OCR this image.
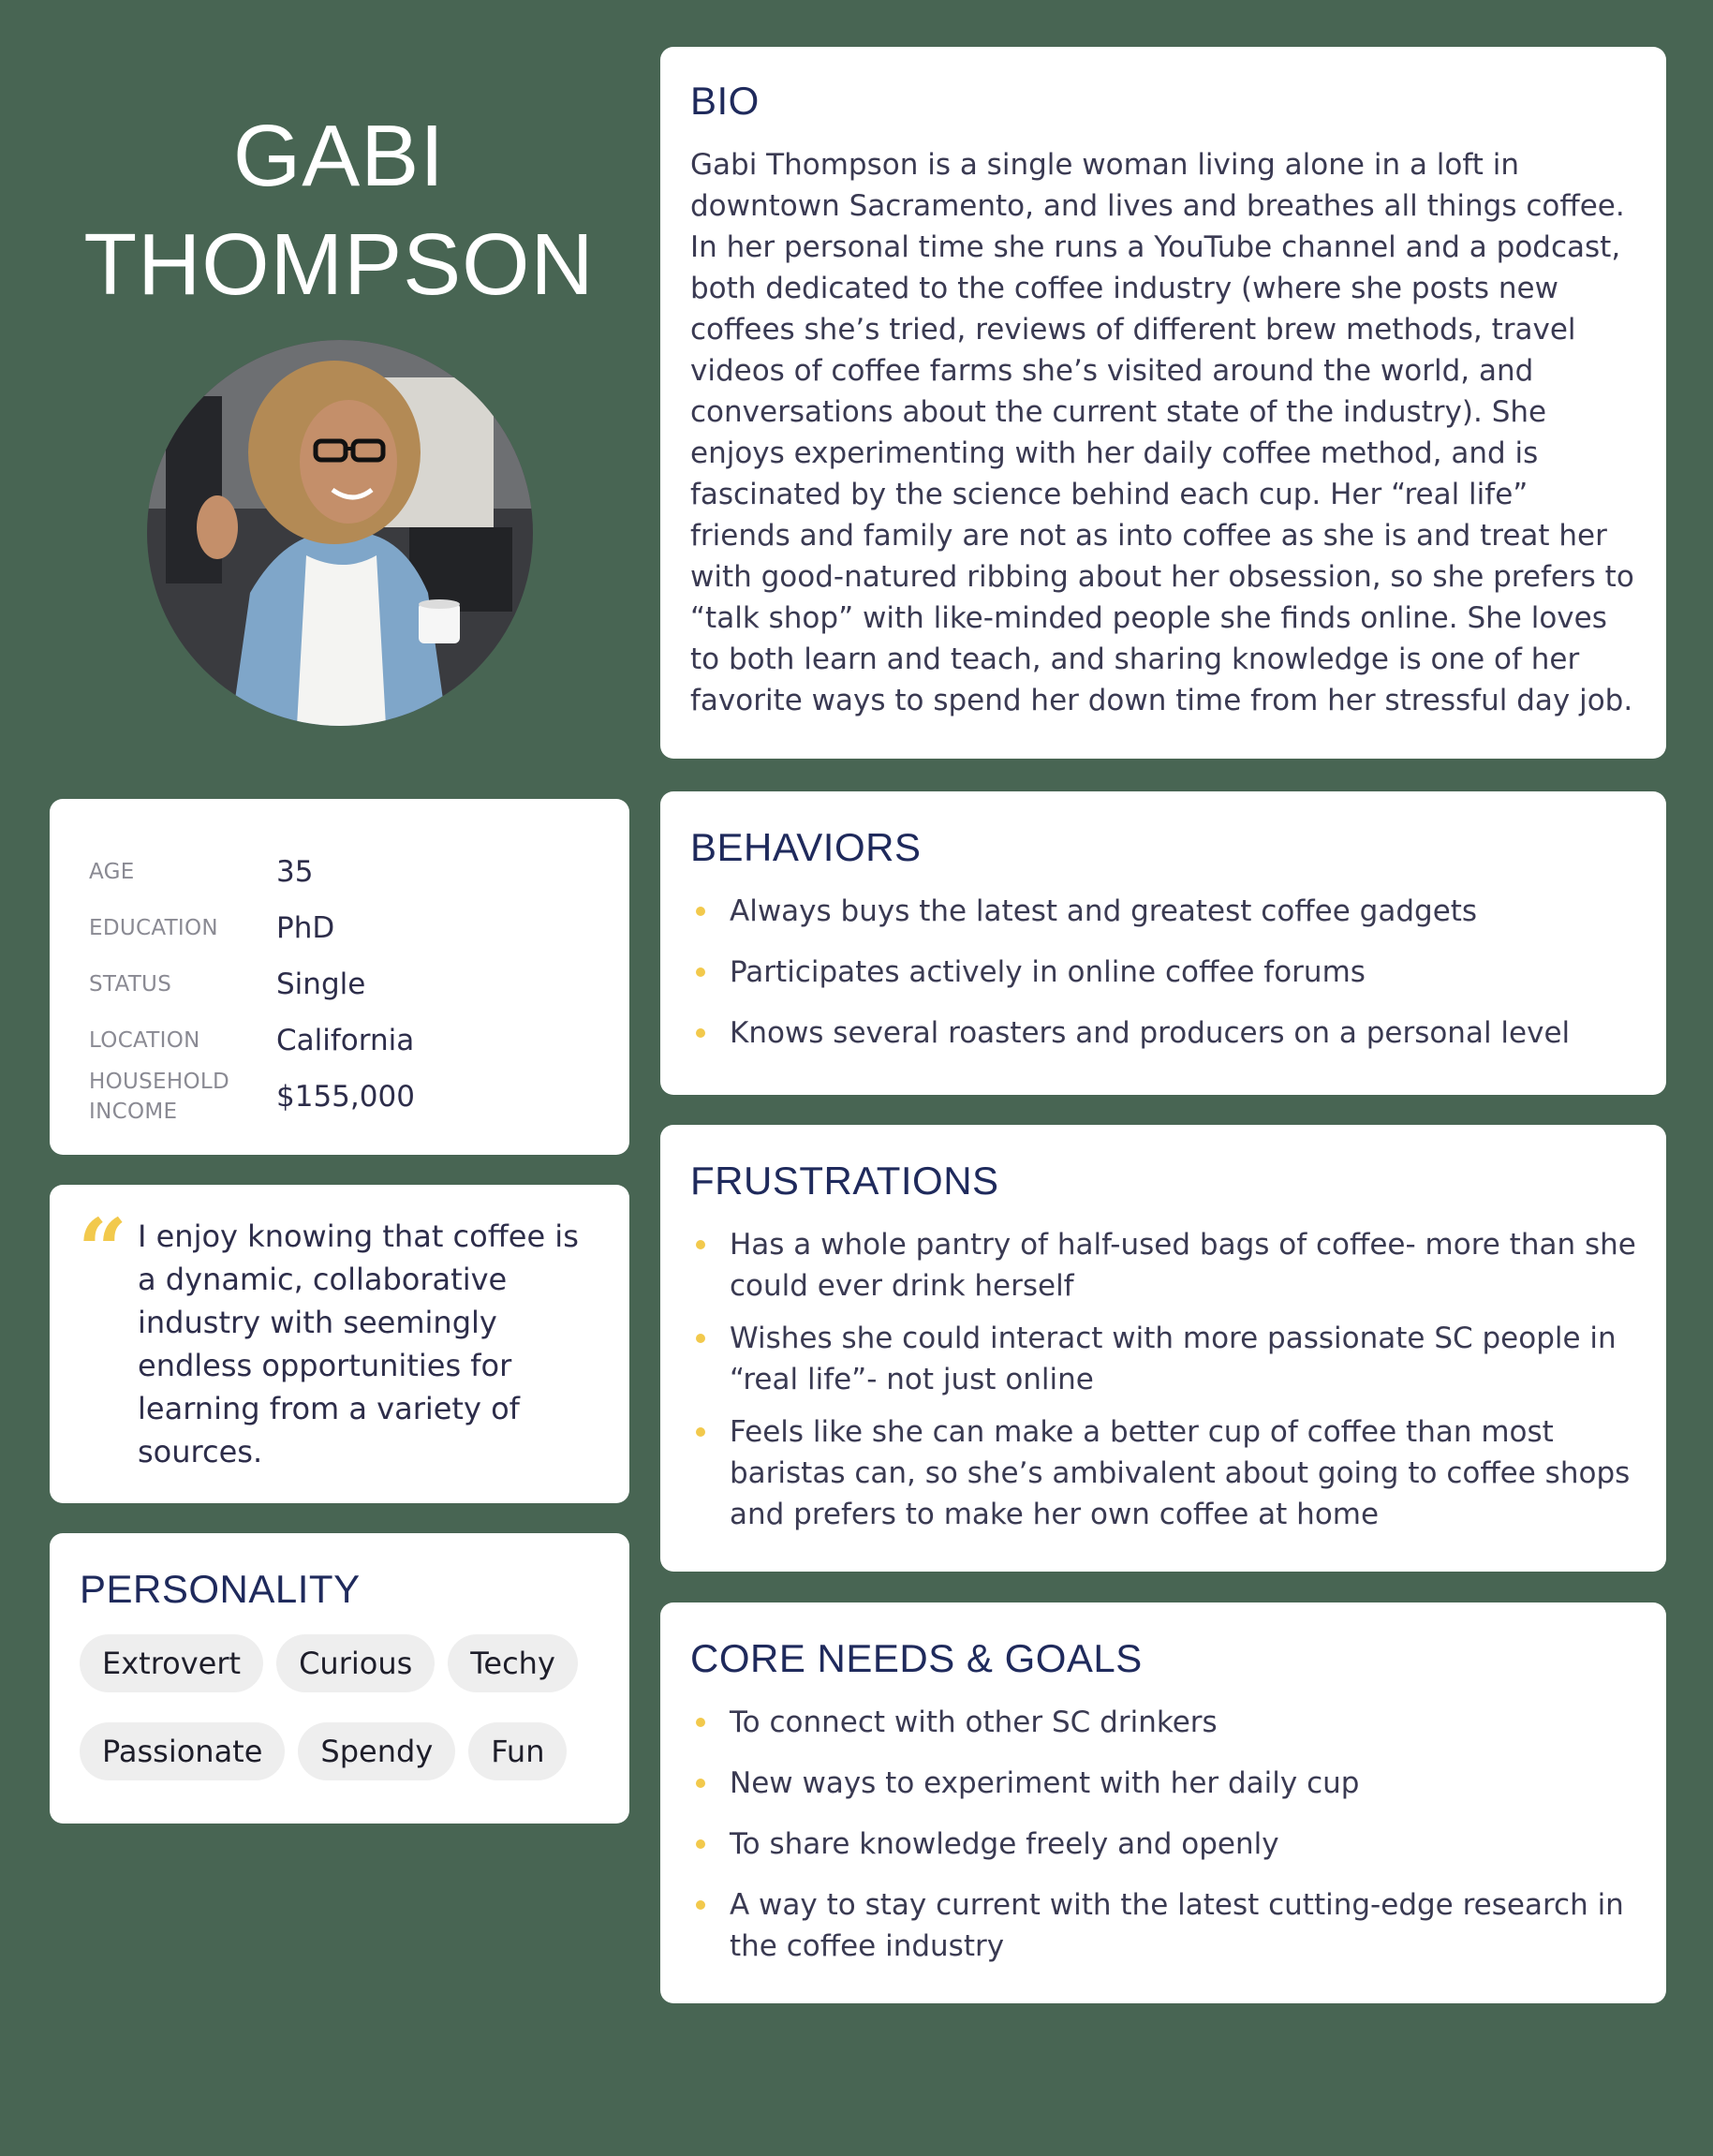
GABI
THOMPSON
AGE	35
EDUCATION	PhD
STATUS	Single
LOCATION	California
HOUSEHOLD INCOME	$155,000
“ I enjoy knowing that coffee is a dynamic, collaborative industry with seemingly endless opportunities for learning from a variety of sources.
PERSONALITY
Extrovert	Curious	Techy
Passionate	Spendy	Fun
BIO
Gabi Thompson is a single woman living alone in a loft in downtown Sacramento, and lives and breathes all things coffee. In her personal time she runs a YouTube channel and a podcast, both dedicated to the coffee industry (where she posts new coffees she’s tried, reviews of different brew methods, travel videos of coffee farms she’s visited around the world, and conversations about the current state of the industry). She enjoys experimenting with her daily coffee method, and is fascinated by the science behind each cup. Her “real life” friends and family are not as into coffee as she is and treat her with good-natured ribbing about her obsession, so she prefers to “talk shop” with like-minded people she finds online. She loves to both learn and teach, and sharing knowledge is one of her favorite ways to spend her down time from her stressful day job.
BEHAVIORS
Always buys the latest and greatest coffee gadgets
Participates actively in online coffee forums
Knows several roasters and producers on a personal level
FRUSTRATIONS
Has a whole pantry of half-used bags of coffee- more than she could ever drink herself
Wishes she could interact with more passionate SC people in “real life”- not just online
Feels like she can make a better cup of coffee than most baristas can, so she’s ambivalent about going to coffee shops and prefers to make her own coffee at home
CORE NEEDS & GOALS
To connect with other SC drinkers
New ways to experiment with her daily cup
To share knowledge freely and openly
A way to stay current with the latest cutting-edge research in the coffee industry
